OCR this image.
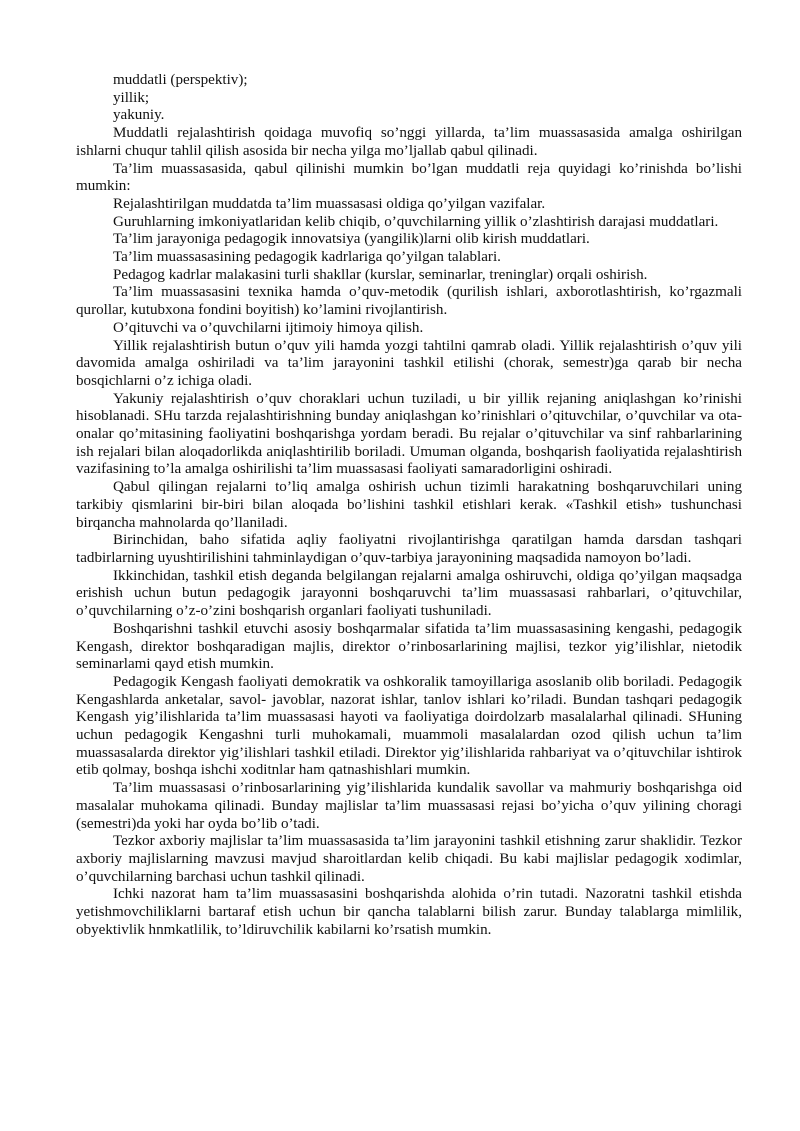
muddatli (perspektiv);

yillik;

yakuniy.

Muddatli rejalashtirish qoidaga muvofiq so’nggi yillarda, ta’lim muassasasida amalga oshirilgan ishlarni chuqur tahlil qilish asosida bir necha yilga mo’ljallab qabul qilinadi.

Ta’lim muassasasida, qabul qilinishi mumkin bo’lgan muddatli reja quyidagi ko’rinishda bo’lishi mumkin:

Rejalashtirilgan muddatda ta’lim muassasasi oldiga qo’yilgan vazifalar.

Guruhlarning imkoniyatlaridan kelib chiqib, o’quvchilarning yillik o’zlashtirish darajasi muddatlari.

Ta’lim jarayoniga pedagogik innovatsiya (yangilik)larni olib kirish muddatlari.

Ta’lim muassasasining pedagogik kadrlariga qo’yilgan talablari.

Pedagog kadrlar malakasini turli shakllar (kurslar, seminarlar, treninglar) orqali oshirish.

Ta’lim muassasasini texnika hamda o’quv-metodik (qurilish ishlari, axborotlashtirish, ko’rgazmali qurollar, kutubxona fondini boyitish) ko’lamini rivojlantirish.

O’qituvchi va o’quvchilarni ijtimoiy himoya qilish.

Yillik rejalashtirish butun o’quv yili hamda yozgi tahtilni qamrab oladi. Yillik rejalashtirish o’quv yili davomida amalga oshiriladi va ta’lim jarayonini tashkil etilishi (chorak, semestr)ga qarab bir necha bosqichlarni o’z ichiga oladi.

Yakuniy rejalashtirish o’quv choraklari uchun tuziladi, u bir yillik rejaning aniqlashgan ko’rinishi hisoblanadi. SHu tarzda rejalashtirishning bunday aniqlashgan ko’rinishlari o’qituvchilar, o’quvchilar va ota-onalar qo’mitasining faoliyatini boshqarishga yordam beradi. Bu rejalar o’qituvchilar va sinf rahbarlarining ish rejalari bilan aloqadorlikda aniqlashtirilib boriladi. Umuman olganda, boshqarish faoliyatida rejalashtirish vazifasining to’la amalga oshirilishi ta’lim muassasasi faoliyati samaradorligini oshiradi.

Qabul qilingan rejalarni to’liq amalga oshirish uchun tizimli harakatning boshqaruvchilari uning tarkibiy qismlarini bir-biri bilan aloqada bo’lishini tashkil etishlari kerak. «Tashkil etish» tushunchasi birqancha mahnolarda qo’llaniladi.

Birinchidan, baho sifatida aqliy faoliyatni rivojlantirishga qaratilgan hamda darsdan tashqari tadbirlarning uyushtirilishini tahminlaydigan o’quv-tarbiya jarayonining maqsadida namoyon bo’ladi.

Ikkinchidan, tashkil etish deganda belgilangan rejalarni amalga oshiruvchi, oldiga qo’yilgan maqsadga erishish uchun butun pedagogik jarayonni boshqaruvchi ta’lim muassasasi rahbarlari, o’qituvchilar, o’quvchilarning o’z-o’zini boshqarish organlari faoliyati tushuniladi.

Boshqarishni tashkil etuvchi asosiy boshqarmalar sifatida ta’lim muassasasining kengashi, pedagogik Kengash, direktor boshqaradigan majlis, direktor o’rinbosarlarining majlisi, tezkor yig’ilishlar, nietodik seminarlami qayd etish mumkin.

Pedagogik Kengash faoliyati demokratik va oshkoralik tamoyillariga asoslanib olib boriladi. Pedagogik Kengashlarda anketalar, savol- javoblar, nazorat ishlar, tanlov ishlari ko’riladi. Bundan tashqari pedagogik Kengash yig’ilishlarida ta’lim muassasasi hayoti va faoliyatiga doirdolzarb masalalarhal qilinadi. SHuning uchun pedagogik Kengashni turli muhokamali, muammoli masalalardan ozod qilish uchun ta’lim muassasalarda direktor yig’ilishlari tashkil etiladi. Direktor yig’ilishlarida rahbariyat va o’qituvchilar ishtirok etib qolmay, boshqa ishchi xoditnlar ham qatnashishlari mumkin.

Ta’lim muassasasi o’rinbosarlarining yig’ilishlarida kundalik savollar va mahmuriy boshqarishga oid masalalar muhokama qilinadi. Bunday majlislar ta’lim muassasasi rejasi bo’yicha o’quv yilining choragi (semestri)da yoki har oyda bo’lib o’tadi.

Tezkor axboriy majlislar ta’lim muassasasida ta’lim jarayonini tashkil etishning zarur shaklidir. Tezkor axboriy majlislarning mavzusi mavjud sharoitlardan kelib chiqadi. Bu kabi majlislar pedagogik xodimlar, o’quvchilarning barchasi uchun tashkil qilinadi.

Ichki nazorat ham ta’lim muassasasini boshqarishda alohida o’rin tutadi. Nazoratni tashkil etishda yetishmovchiliklarni bartaraf etish uchun bir qancha talablarni bilish zarur. Bunday talablarga mimlilik, obyektivlik hnmkatlilik, to’ldiruvchilik kabilarni ko’rsatish mumkin.
